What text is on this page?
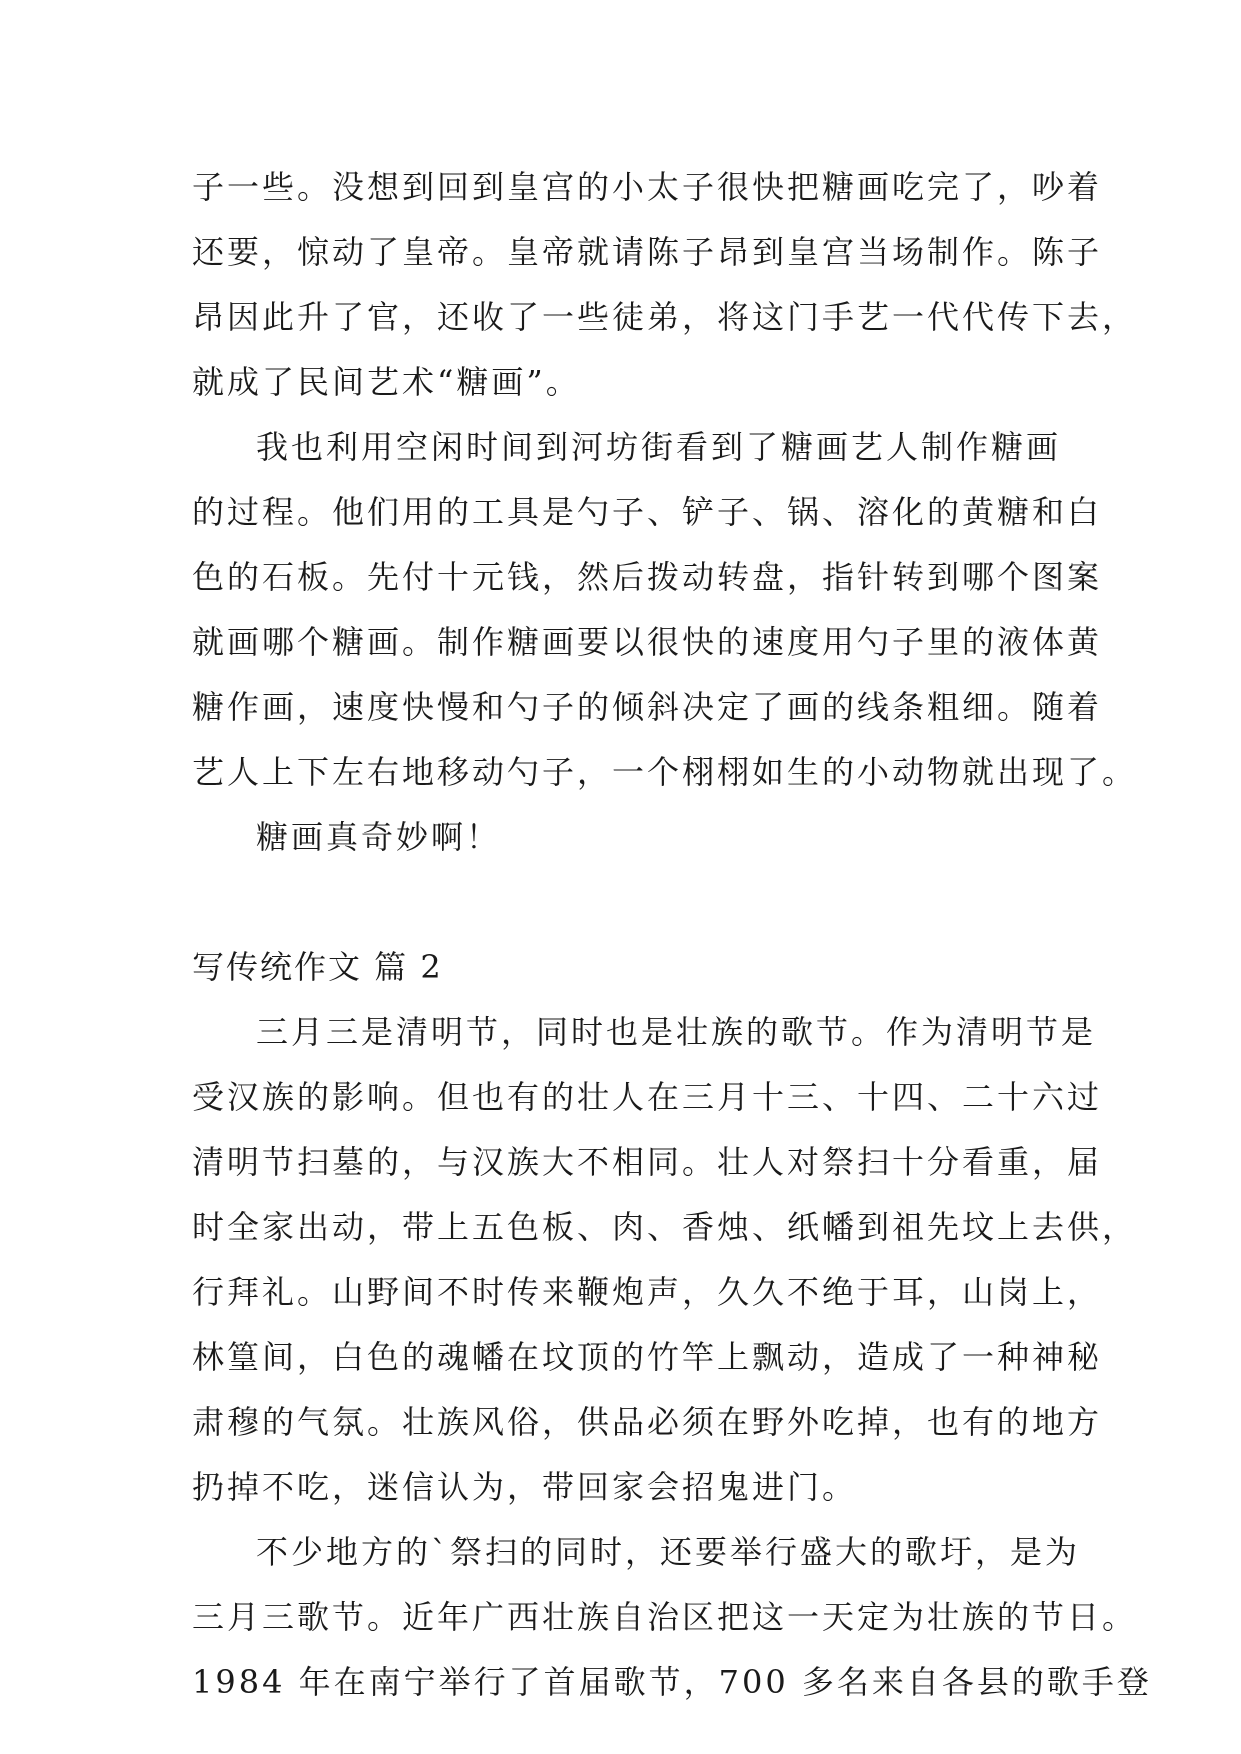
子一些。没想到回到皇宫的小太子很快把糖画吃完了，吵着
还要，惊动了皇帝。皇帝就请陈子昂到皇宫当场制作。陈子
昂因此升了官，还收了一些徒弟，将这门手艺一代代传下去，
就成了民间艺术“糖画”。
我也利用空闲时间到河坊街看到了糖画艺人制作糖画
的过程。他们用的工具是勺子、铲子、锅、溶化的黄糖和白
色的石板。先付十元钱，然后拨动转盘，指针转到哪个图案
就画哪个糖画。制作糖画要以很快的速度用勺子里的液体黄
糖作画，速度快慢和勺子的倾斜决定了画的线条粗细。随着
艺人上下左右地移动勺子，一个栩栩如生的小动物就出现了。
糖画真奇妙啊！
写传统作文 篇 2
三月三是清明节，同时也是壮族的歌节。作为清明节是
受汉族的影响。但也有的壮人在三月十三、十四、二十六过
清明节扫墓的，与汉族大不相同。壮人对祭扫十分看重，届
时全家出动，带上五色板、肉、香烛、纸幡到祖先坟上去供，
行拜礼。山野间不时传来鞭炮声，久久不绝于耳，山岗上，
林篁间，白色的魂幡在坟顶的竹竿上飘动，造成了一种神秘
肃穆的气氛。壮族风俗，供品必须在野外吃掉，也有的地方
扔掉不吃，迷信认为，带回家会招鬼进门。
不少地方的`祭扫的同时，还要举行盛大的歌圩，是为
三月三歌节。近年广西壮族自治区把这一天定为壮族的节日。
1984 年在南宁举行了首届歌节，700 多名来自各县的歌手登
